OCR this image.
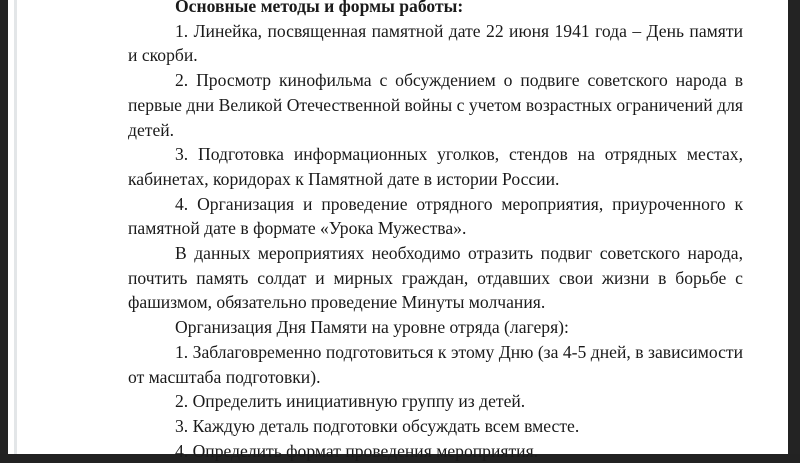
Основные методы и формы работы:

1. Линейка, посвященная памятной дате 22 июня 1941 года – День памяти и скорби.

2. Просмотр кинофильма с обсуждением о подвиге советского народа в первые дни Великой Отечественной войны с учетом возрастных ограничений для детей.

3. Подготовка информационных уголков, стендов на отрядных местах, кабинетах, коридорах к Памятной дате в истории России.

4. Организация и проведение отрядного мероприятия, приуроченного к памятной дате в формате «Урока Мужества».

В данных мероприятиях необходимо отразить подвиг советского народа, почтить память солдат и мирных граждан, отдавших свои жизни в борьбе с фашизмом, обязательно проведение Минуты молчания.

Организация Дня Памяти на уровне отряда (лагеря):

1. Заблаговременно подготовиться к этому Дню (за 4-5 дней, в зависимости от масштаба подготовки).

2. Определить инициативную группу из детей.

3. Каждую деталь подготовки обсуждать всем вместе.

4. Определить формат проведения мероприятия.
